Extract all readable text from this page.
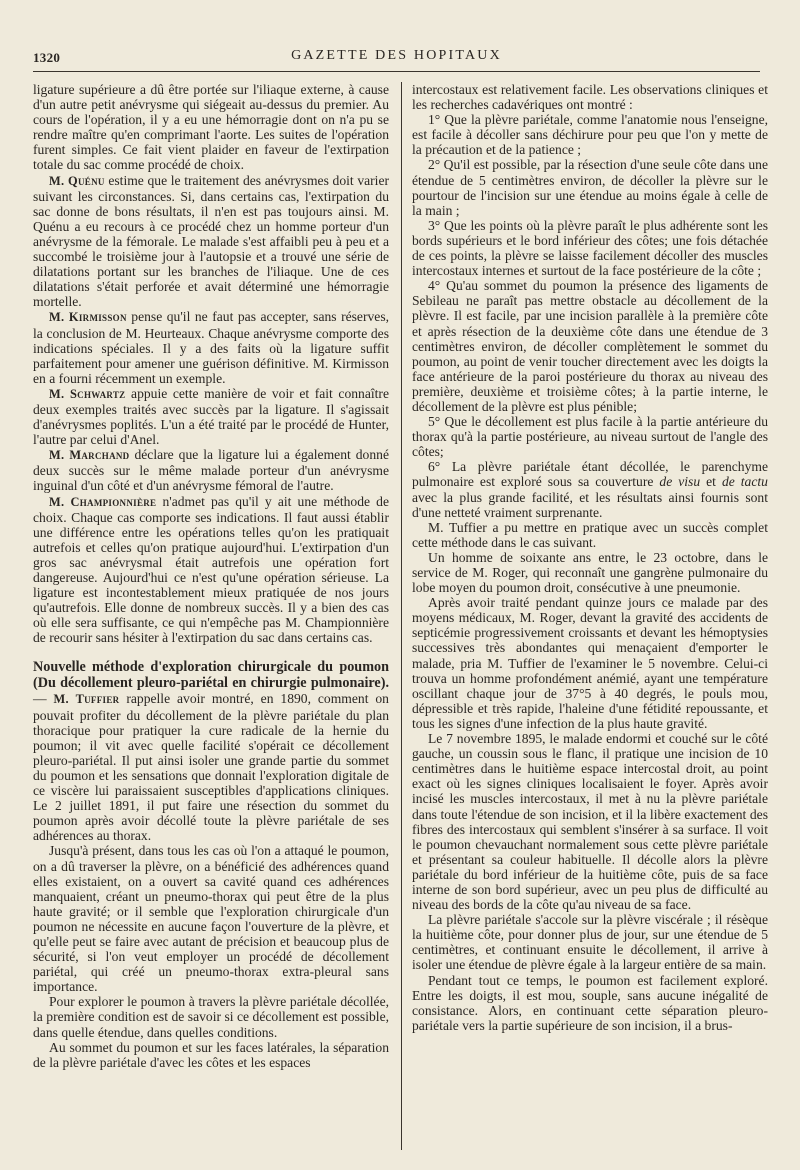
1320	GAZETTE DES HOPITAUX

ligature supérieure a dû être portée sur l'iliaque externe, à cause d'un autre petit anévrysme qui siégeait au-dessus du premier. Au cours de l'opération, il y a eu une hémorragie dont on n'a pu se rendre maître qu'en comprimant l'aorte. Les suites de l'opération furent simples. Ce fait vient plaider en faveur de l'extirpation totale du sac comme procédé de choix.

M. Quénu estime que le traitement des anévrysmes doit varier suivant les circonstances. Si, dans certains cas, l'extirpation du sac donne de bons résultats, il n'en est pas toujours ainsi. M. Quénu a eu recours à ce procédé chez un homme porteur d'un anévrysme de la fémorale. Le malade s'est affaibli peu à peu et a succombé le troisième jour à l'autopsie et a trouvé une série de dilatations portant sur les branches de l'iliaque. Une de ces dilatations s'était perforée et avait déterminé une hémorragie mortelle.

M. Kirmisson pense qu'il ne faut pas accepter, sans réserves, la conclusion de M. Heurteaux. Chaque anévrysme comporte des indications spéciales. Il y a des faits où la ligature suffit parfaitement pour amener une guérison définitive. M. Kirmisson en a fourni récemment un exemple.

M. Schwartz appuie cette manière de voir et fait connaître deux exemples traités avec succès par la ligature. Il s'agissait d'anévrysmes poplités. L'un a été traité par le procédé de Hunter, l'autre par celui d'Anel.

M. Marchand déclare que la ligature lui a également donné deux succès sur le même malade porteur d'un anévrysme inguinal d'un côté et d'un anévrysme fémoral de l'autre.

M. Championnière n'admet pas qu'il y ait une méthode de choix. Chaque cas comporte ses indications. Il faut aussi établir une différence entre les opérations telles qu'on les pratiquait autrefois et celles qu'on pratique aujourd'hui. L'extirpation d'un gros sac anévrysmal était autrefois une opération fort dangereuse. Aujourd'hui ce n'est qu'une opération sérieuse. La ligature est incontestablement mieux pratiquée de nos jours qu'autrefois. Elle donne de nombreux succès. Il y a bien des cas où elle sera suffisante, ce qui n'empêche pas M. Championnière de recourir sans hésiter à l'extirpation du sac dans certains cas.

Nouvelle méthode d'exploration chirurgicale du poumon (Du décollement pleuro-pariétal en chirurgie pulmonaire). — M. Tuffier rappelle avoir montré, en 1890, comment on pouvait profiter du décollement de la plèvre pariétale du plan thoracique pour pratiquer la cure radicale de la hernie du poumon; il vit avec quelle facilité s'opérait ce décollement pleuro-pariétal. Il put ainsi isoler une grande partie du sommet du poumon et les sensations que donnait l'exploration digitale de ce viscère lui paraissaient susceptibles d'applications cliniques. Le 2 juillet 1891, il put faire une résection du sommet du poumon après avoir décollé toute la plèvre pariétale de ses adhérences au thorax.

Jusqu'à présent, dans tous les cas où l'on a attaqué le poumon, on a dû traverser la plèvre, on a bénéficié des adhérences quand elles existaient, on a ouvert sa cavité quand ces adhérences manquaient, créant un pneumo-thorax qui peut être de la plus haute gravité; or il semble que l'exploration chirurgicale d'un poumon ne nécessite en aucune façon l'ouverture de la plèvre, et qu'elle peut se faire avec autant de précision et beaucoup plus de sécurité, si l'on veut employer un procédé de décollement pariétal, qui créé un pneumo-thorax extra-pleural sans importance.

Pour explorer le poumon à travers la plèvre pariétale décollée, la première condition est de savoir si ce décollement est possible, dans quelle étendue, dans quelles conditions.

Au sommet du poumon et sur les faces latérales, la séparation de la plèvre pariétale d'avec les côtes et les espaces

intercostaux est relativement facile. Les observations cliniques et les recherches cadavériques ont montré :

1° Que la plèvre pariétale, comme l'anatomie nous l'enseigne, est facile à décoller sans déchirure pour peu que l'on y mette de la précaution et de la patience ;

2° Qu'il est possible, par la résection d'une seule côte dans une étendue de 5 centimètres environ, de décoller la plèvre sur le pourtour de l'incision sur une étendue au moins égale à celle de la main ;

3° Que les points où la plèvre paraît le plus adhérente sont les bords supérieurs et le bord inférieur des côtes; une fois détachée de ces points, la plèvre se laisse facilement décoller des muscles intercostaux internes et surtout de la face postérieure de la côte ;

4° Qu'au sommet du poumon la présence des ligaments de Sebileau ne paraît pas mettre obstacle au décollement de la plèvre. Il est facile, par une incision parallèle à la première côte et après résection de la deuxième côte dans une étendue de 3 centimètres environ, de décoller complètement le sommet du poumon, au point de venir toucher directement avec les doigts la face antérieure de la paroi postérieure du thorax au niveau des première, deuxième et troisième côtes; à la partie interne, le décollement de la plèvre est plus pénible;

5° Que le décollement est plus facile à la partie antérieure du thorax qu'à la partie postérieure, au niveau surtout de l'angle des côtes;

6° La plèvre pariétale étant décollée, le parenchyme pulmonaire est exploré sous sa couverture de visu et de tactu avec la plus grande facilité, et les résultats ainsi fournis sont d'une netteté vraiment surprenante.

M. Tuffier a pu mettre en pratique avec un succès complet cette méthode dans le cas suivant.

Un homme de soixante ans entre, le 23 octobre, dans le service de M. Roger, qui reconnaît une gangrène pulmonaire du lobe moyen du poumon droit, consécutive à une pneumonie.

Après avoir traité pendant quinze jours ce malade par des moyens médicaux, M. Roger, devant la gravité des accidents de septicémie progressivement croissants et devant les hémoptysies successives très abondantes qui menaçaient d'emporter le malade, pria M. Tuffier de l'examiner le 5 novembre. Celui-ci trouva un homme profondément anémié, ayant une température oscillant chaque jour de 37°5 à 40 degrés, le pouls mou, dépressible et très rapide, l'haleine d'une fétidité repoussante, et tous les signes d'une infection de la plus haute gravité.

Le 7 novembre 1895, le malade endormi et couché sur le côté gauche, un coussin sous le flanc, il pratique une incision de 10 centimètres dans le huitième espace intercostal droit, au point exact où les signes cliniques localisaient le foyer. Après avoir incisé les muscles intercostaux, il met à nu la plèvre pariétale dans toute l'étendue de son incision, et il la libère exactement des fibres des intercostaux qui semblent s'insérer à sa surface. Il voit le poumon chevauchant normalement sous cette plèvre pariétale et présentant sa couleur habituelle. Il décolle alors la plèvre pariétale du bord inférieur de la huitième côte, puis de sa face interne de son bord supérieur, avec un peu plus de difficulté au niveau des bords de la côte qu'au niveau de sa face.

La plèvre pariétale s'accole sur la plèvre viscérale ; il résèque la huitième côte, pour donner plus de jour, sur une étendue de 5 centimètres, et continuant ensuite le décollement, il arrive à isoler une étendue de plèvre égale à la largeur entière de sa main.

Pendant tout ce temps, le poumon est facilement exploré. Entre les doigts, il est mou, souple, sans aucune inégalité de consistance. Alors, en continuant cette séparation pleuro-pariétale vers la partie supérieure de son incision, il a brus-
